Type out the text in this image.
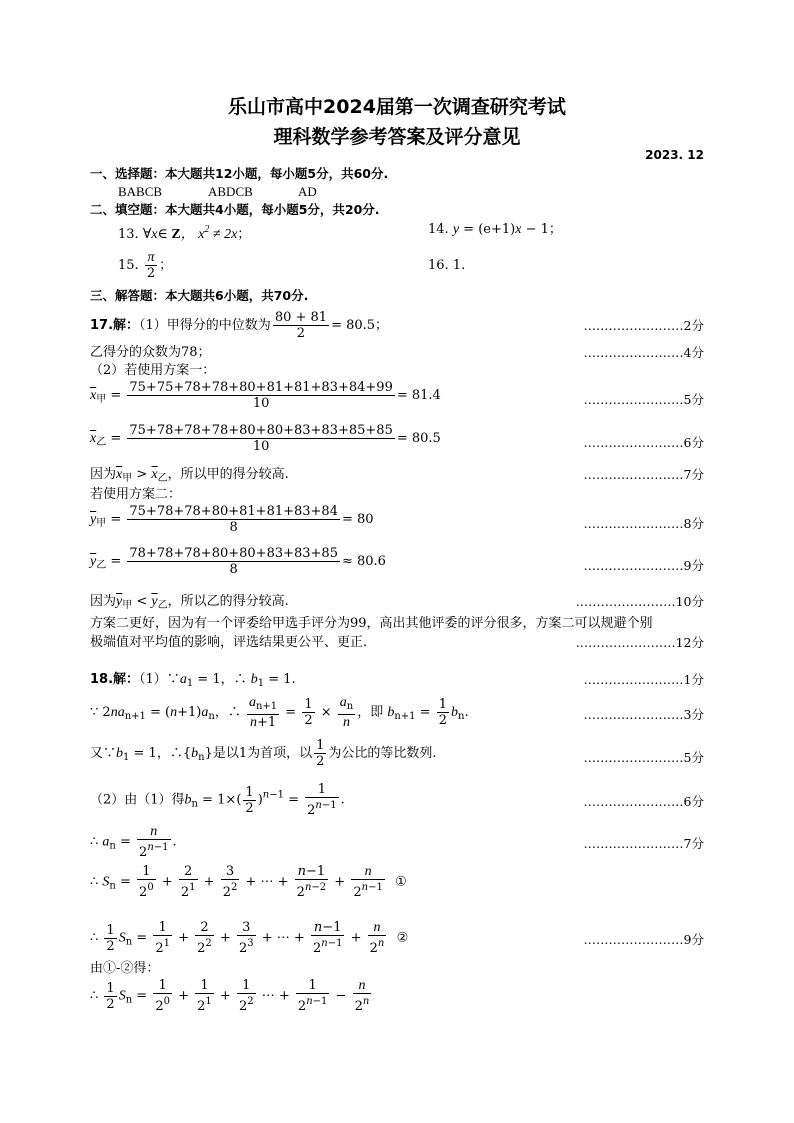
乐山市高中2024届第一次调查研究考试
理科数学参考答案及评分意见
2023. 12
一、选择题：本大题共12小题，每小题5分，共60分.
BABCB	ABDCB	AD
二、填空题：本大题共4小题，每小题5分，共20分.
13. ∀x∈ Z， $x^2 \ne 2x$；	14. y = (e+1)x − 1；
15. $\frac{\pi}{2}$ ；	16. 1.
三、解答题：本大题共6小题，共70分.
17.解：（1）甲得分的中位数为 $\frac{80 + 81}{2} = 80.5$；	……………………2分
乙得分的众数为78；	……………………4分
（2）若使用方案一：
$\overline{x}_甲 = \frac{75+75+78+78+80+81+81+83+84+99}{10} = 81.4$	……………………5分
$\overline{x}_乙 = \frac{75+78+78+78+80+80+83+83+85+85}{10} = 80.5$	……………………6分
因为$\overline{x}_甲 > \overline{x}_乙$，所以甲的得分较高.	……………………7分
若使用方案二：
$\overline{y}_甲 = \frac{75+78+78+80+81+81+83+84}{8} = 80$	……………………8分
$\overline{y}_乙 = \frac{78+78+78+80+80+83+83+85}{8} \approx 80.6$	……………………9分
因为$\overline{y}_甲 < \overline{y}_乙$，所以乙的得分较高.	……………………10分
方案二更好，因为有一个评委给甲选手评分为99，高出其他评委的评分很多，方案二可以规避个别
极端值对平均值的影响，评选结果更公平、更正.	……………………12分
18.解：$(1)\because a_1 = 1$，∴ $b_1 = 1$.	……………………1分
∵ $2na_{n+1} = (n+1)a_n$，∴ $\frac{a_{n+1}}{n+1} = \frac{1}{2} \times \frac{a_n}{n}$ ，即 $b_{n+1} = \frac{1}{2} b_n$.	……………………3分
又$\because b_1 = 1$，$\therefore\{b_n\}$是以1为首项，以 $\frac{1}{2}$ 为公比的等比数列.	……………………5分
（2）由（1）得$b_n = 1\times( \frac{1}{2} )^{n-1} = \frac{1}{2^{n-1}}$ .	……………………6分
∴ $a_n = \frac{n}{2^{n-1}}$ .	……………………7分
∴ $S_n = \frac{1}{2^0} + \frac{2}{2^1} + \frac{3}{2^2}$ + ⋯ + $\frac{n-1}{2^{n-2}} + \frac{n}{2^{n-1}}$ ①
∴ $\frac{1}{2} S_n = \frac{1}{2^1} + \frac{2}{2^2} + \frac{3}{2^3}$ + ⋯ + $\frac{n-1}{2^{n-1}} + \frac{n}{2^n}$ ②	……………………9分
由①-②得：
∴ $\frac{1}{2} S_n = \frac{1}{2^0} + \frac{1}{2^1} + \frac{1}{2^2}$ ⋯ + $\frac{1}{2^{n-1}} - \frac{n}{2^n}$
